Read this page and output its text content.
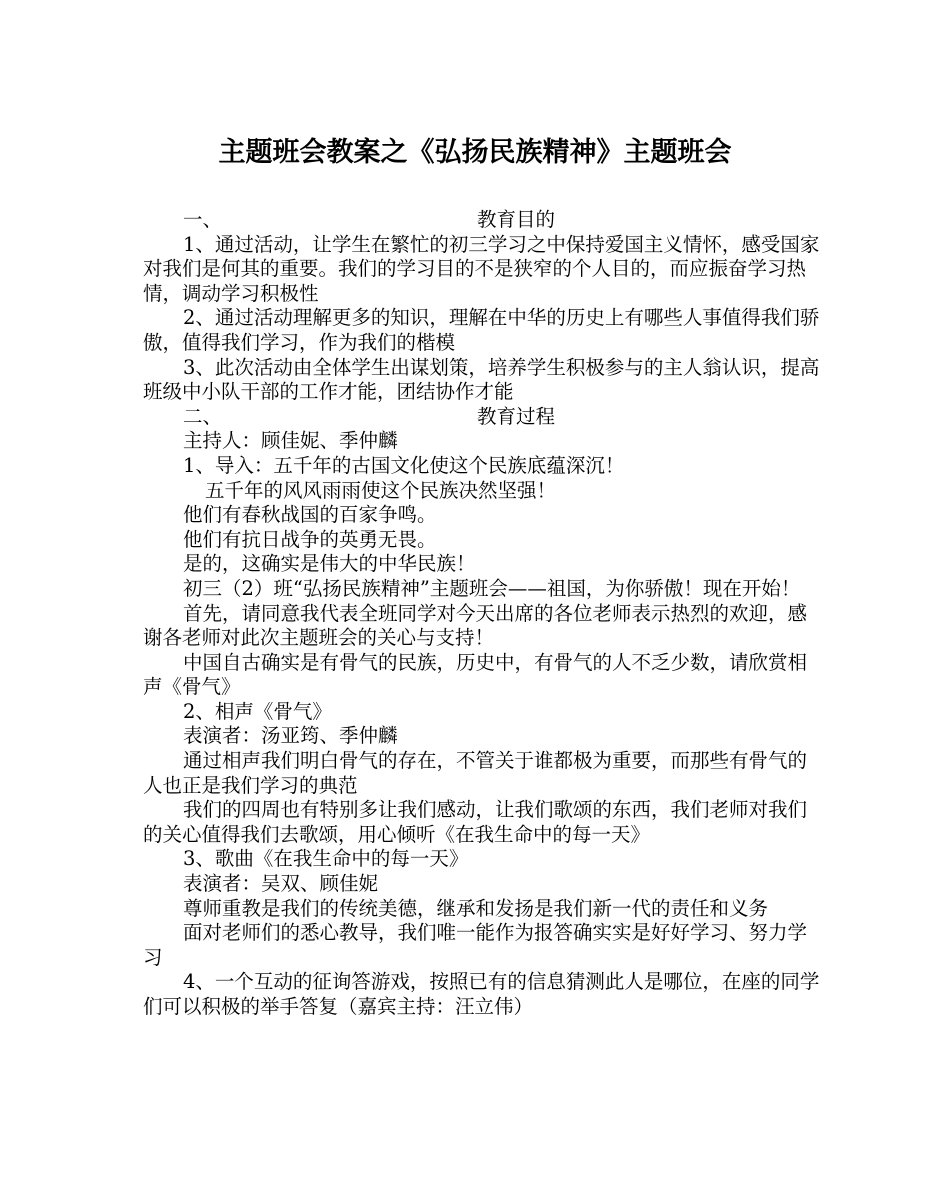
主题班会教案之《弘扬民族精神》主题班会
一、	教育目的

1、通过活动，让学生在繁忙的初三学习之中保持爱国主义情怀，感受国家对我们是何其的重要。我们的学习目的不是狭窄的个人目的，而应振奋学习热情，调动学习积极性

2、通过活动理解更多的知识，理解在中华的历史上有哪些人事值得我们骄傲，值得我们学习，作为我们的楷模

3、此次活动由全体学生出谋划策，培养学生积极参与的主人翁认识，提高班级中小队干部的工作才能，团结协作才能

二、	教育过程

主持人：顾佳妮、季仲麟

1、导入：五千年的古国文化使这个民族底蕴深沉！

五千年的风风雨雨使这个民族决然坚强！

他们有春秋战国的百家争鸣。

他们有抗日战争的英勇无畏。

是的，这确实是伟大的中华民族！

初三（2）班“弘扬民族精神”主题班会——祖国，为你骄傲！现在开始！

首先，请同意我代表全班同学对今天出席的各位老师表示热烈的欢迎，感谢各老师对此次主题班会的关心与支持！

中国自古确实是有骨气的民族，历史中，有骨气的人不乏少数，请欣赏相声《骨气》

2、相声《骨气》

表演者：汤亚筠、季仲麟

通过相声我们明白骨气的存在，不管关于谁都极为重要，而那些有骨气的人也正是我们学习的典范

我们的四周也有特别多让我们感动，让我们歌颂的东西，我们老师对我们的关心值得我们去歌颂，用心倾听《在我生命中的每一天》

3、歌曲《在我生命中的每一天》

表演者：吴双、顾佳妮

尊师重教是我们的传统美德，继承和发扬是我们新一代的责任和义务

面对老师们的悉心教导，我们唯一能作为报答确实实是好好学习、努力学习

4、一个互动的征询答游戏，按照已有的信息猜测此人是哪位，在座的同学们可以积极的举手答复（嘉宾主持：汪立伟）
